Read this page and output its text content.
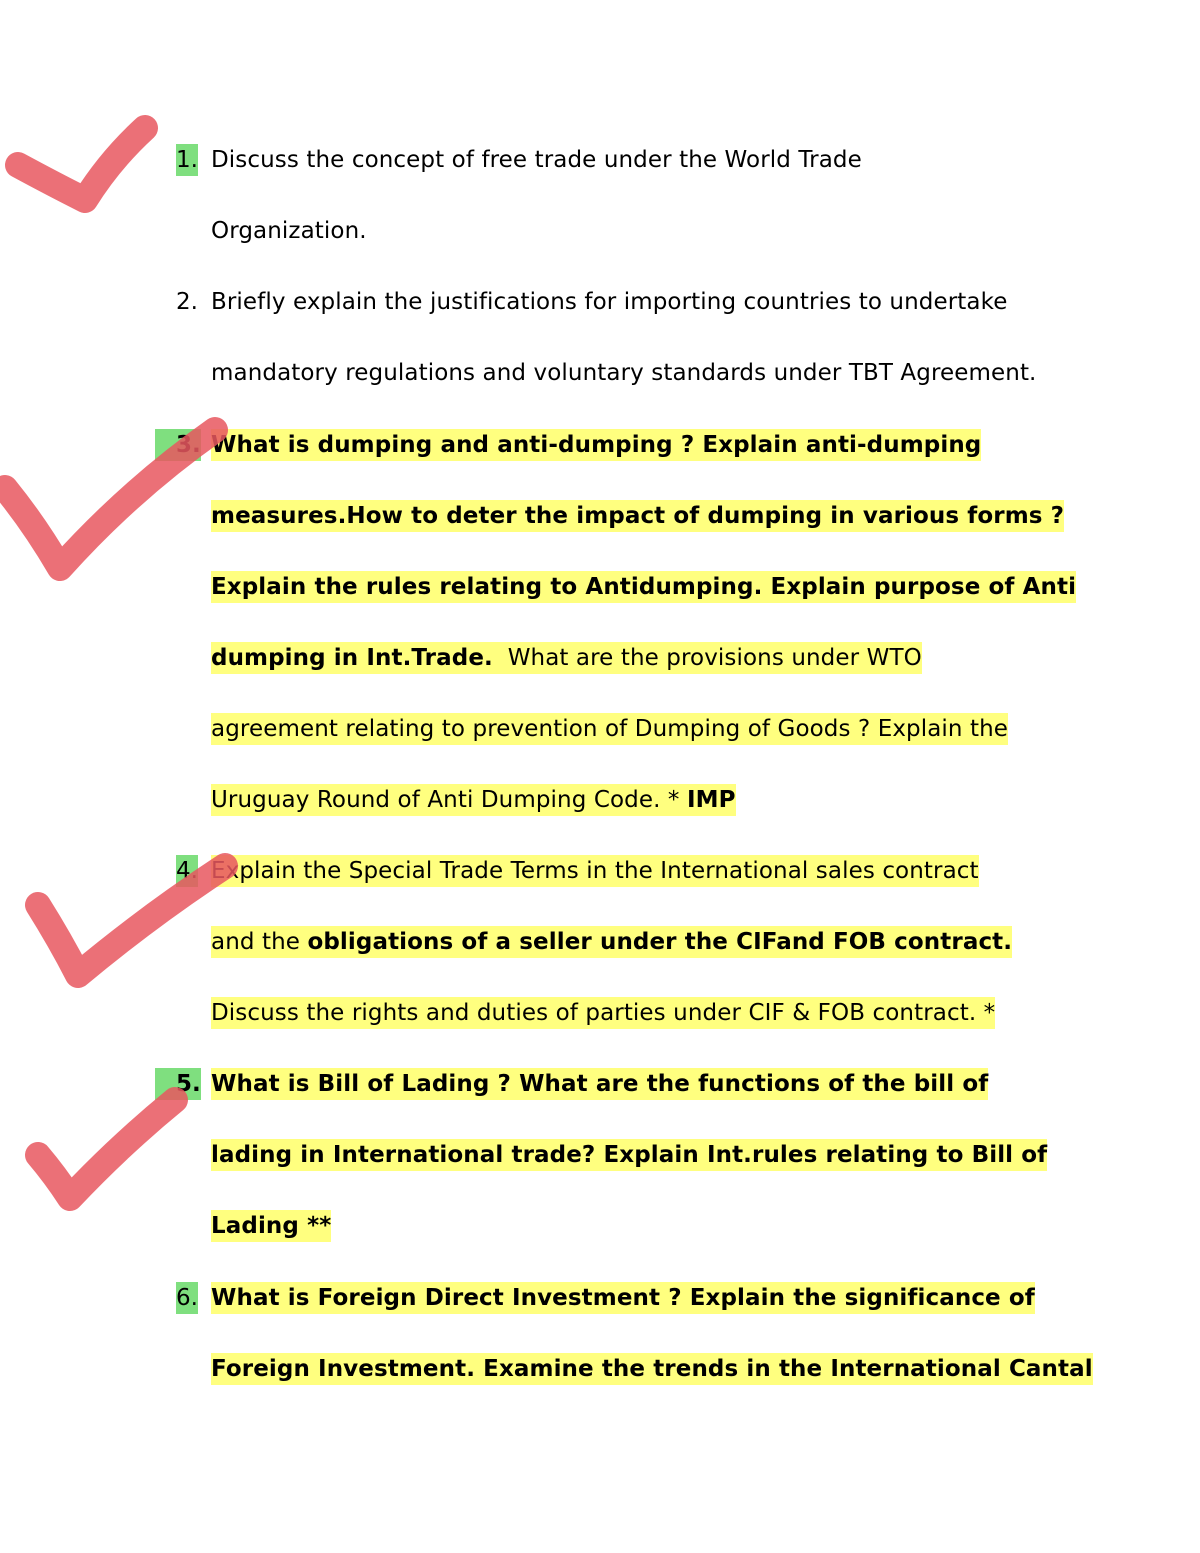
1. Discuss the concept of free trade under the World Trade
Organization.
2. Briefly explain the justifications for importing countries to undertake
mandatory regulations and voluntary standards under TBT Agreement.
3. What is dumping and anti-dumping ? Explain anti-dumping
measures.How to deter the impact of dumping in various forms ?
Explain the rules relating to Antidumping. Explain purpose of Anti
dumping in Int.Trade. What are the provisions under WTO
agreement relating to prevention of Dumping of Goods ? Explain the
Uruguay Round of Anti Dumping Code. * IMP
4. Explain the Special Trade Terms in the International sales contract
and the obligations of a seller under the CIFand FOB contract.
Discuss the rights and duties of parties under CIF & FOB contract. *
5. What is Bill of Lading ? What are the functions of the bill of
lading in International trade? Explain Int.rules relating to Bill of
Lading **
6. What is Foreign Direct Investment ? Explain the significance of
Foreign Investment. Examine the trends in the International Cantal
